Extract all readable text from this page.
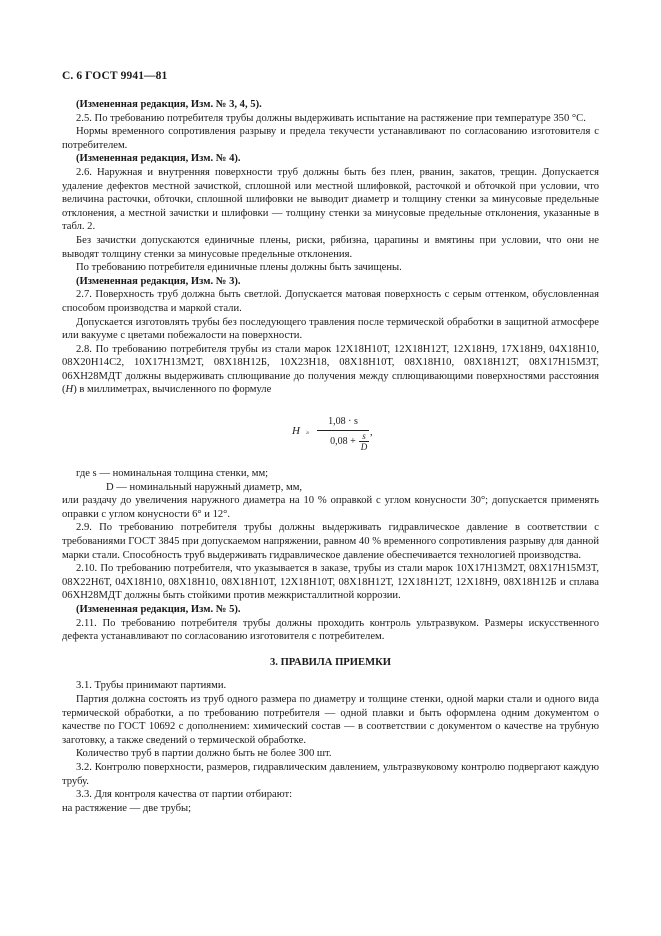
С. 6 ГОСТ 9941—81

(Измененная редакция, Изм. № 3, 4, 5).

2.5. По требованию потребителя трубы должны выдерживать испытание на растяжение при температуре 350 °С.

Нормы временного сопротивления разрыву и предела текучести устанавливают по согласованию изготовителя с потребителем.

(Измененная редакция, Изм. № 4).

2.6. Наружная и внутренняя поверхности труб должны быть без плен, рванин, закатов, трещин. Допускается удаление дефектов местной зачисткой, сплошной или местной шлифовкой, расточкой и обточкой при условии, что величина расточки, обточки, сплошной шлифовки не выводит диаметр и толщину стенки за минусовые предельные отклонения, а местной зачистки и шлифовки — толщину стенки за минусовые предельные отклонения, указанные в табл. 2.

Без зачистки допускаются единичные плены, риски, рябизна, царапины и вмятины при условии, что они не выводят толщину стенки за минусовые предельные отклонения.

По требованию потребителя единичные плены должны быть зачищены.

(Измененная редакция, Изм. № 3).

2.7. Поверхность труб должна быть светлой. Допускается матовая поверхность с серым оттенком, обусловленная способом производства и маркой стали.

Допускается изготовлять трубы без последующего травления после термической обработки в защитной атмосфере или вакууме с цветами побежалости на поверхности.

2.8. По требованию потребителя трубы из стали марок 12Х18Н10Т, 12Х18Н12Т, 12Х18Н9, 17Х18Н9, 04Х18Н10, 08Х20Н14С2, 10Х17Н13М2Т, 08Х18Н12Б, 10Х23Н18, 08Х18Н10Т, 08Х18Н10, 08Х18Н12Т, 08Х17Н15М3Т, 06ХН28МДТ должны выдерживать сплющивание до получения между сплющивающими поверхностями расстояния (H) в миллиметрах, вычисленного по формуле

H ≥
1,08 · s
0,08 + s
D
,

где s — номинальная толщина стенки, мм;

D — номинальный наружный диаметр, мм,

или раздачу до увеличения наружного диаметра на 10 % оправкой с углом конусности 30°; допускается применять оправки с углом конусности 6° и 12°.

2.9. По требованию потребителя трубы должны выдерживать гидравлическое давление в соответствии с требованиями ГОСТ 3845 при допускаемом напряжении, равном 40 % временного сопротивления разрыву для данной марки стали. Способность труб выдерживать гидравлическое давление обеспечивается технологией производства.

2.10. По требованию потребителя, что указывается в заказе, трубы из стали марок 10Х17Н13М2Т, 08Х17Н15М3Т, 08Х22Н6Т, 04Х18Н10, 08Х18Н10, 08Х18Н10Т, 12Х18Н10Т, 08Х18Н12Т, 12Х18Н12Т, 12Х18Н9, 08Х18Н12Б и сплава 06ХН28МДТ должны быть стойкими против межкристаллитной коррозии.

(Измененная редакция, Изм. № 5).

2.11. По требованию потребителя трубы должны проходить контроль ультразвуком. Размеры искусственного дефекта устанавливают по согласованию изготовителя с потребителем.

3. ПРАВИЛА ПРИЕМКИ

3.1. Трубы принимают партиями.

Партия должна состоять из труб одного размера по диаметру и толщине стенки, одной марки стали и одного вида термической обработки, а по требованию потребителя — одной плавки и быть оформлена одним документом о качестве по ГОСТ 10692 с дополнением: химический состав — в соответствии с документом о качестве на трубную заготовку, а также сведений о термической обработке.

Количество труб в партии должно быть не более 300 шт.

3.2. Контролю поверхности, размеров, гидравлическим давлением, ультразвуковому контролю подвергают каждую трубу.

3.3. Для контроля качества от партии отбирают:

на растяжение — две трубы;
